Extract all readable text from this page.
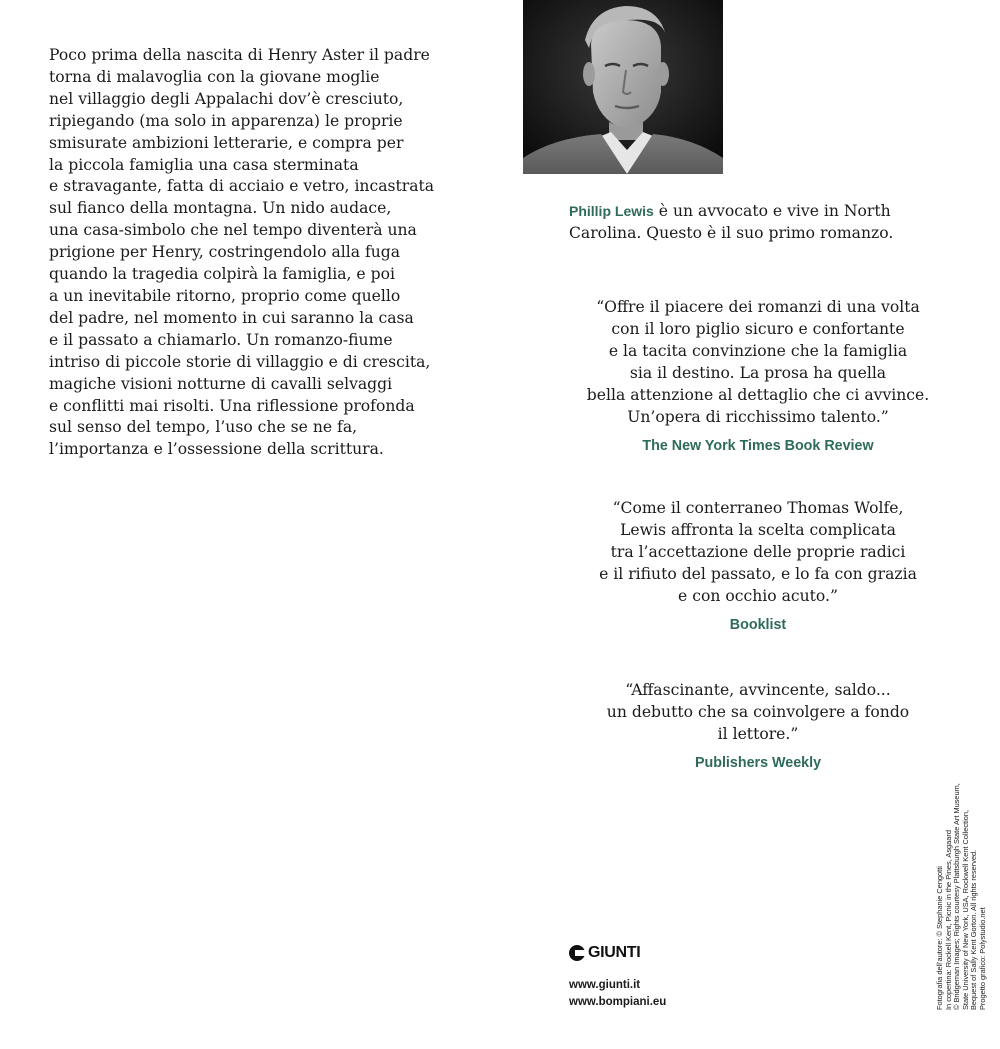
Poco prima della nascita di Henry Aster il padre
torna di malavoglia con la giovane moglie
nel villaggio degli Appalachi dov’è cresciuto,
ripiegando (ma solo in apparenza) le proprie
smisurate ambizioni letterarie, e compra per
la piccola famiglia una casa sterminata
e stravagante, fatta di acciaio e vetro, incastrata
sul fianco della montagna. Un nido audace,
una casa-simbolo che nel tempo diventerà una
prigione per Henry, costringendolo alla fuga
quando la tragedia colpirà la famiglia, e poi
a un inevitabile ritorno, proprio come quello
del padre, nel momento in cui saranno la casa
e il passato a chiamarlo. Un romanzo-fiume
intriso di piccole storie di villaggio e di crescita,
magiche visioni notturne di cavalli selvaggi
e conflitti mai risolti. Una riflessione profonda
sul senso del tempo, l’uso che se ne fa,
l’importanza e l’ossessione della scrittura.
Phillip Lewis è un avvocato e vive in North
Carolina. Questo è il suo primo romanzo.
“Offre il piacere dei romanzi di una volta
con il loro piglio sicuro e confortante
e la tacita convinzione che la famiglia
sia il destino. La prosa ha quella
bella attenzione al dettaglio che ci avvince.
Un’opera di ricchissimo talento.”
The New York Times Book Review
“Come il conterraneo Thomas Wolfe,
Lewis affronta la scelta complicata
tra l’accettazione delle proprie radici
e il rifiuto del passato, e lo fa con grazia
e con occhio acuto.”
Booklist
“Affascinante, avvincente, saldo...
un debutto che sa coinvolgere a fondo
il lettore.”
Publishers Weekly
GIUNTI
www.giunti.it
www.bompiani.eu	Fotografia dell’autore: © Stephanie Cengotti In copertina: Rockell Kent, Picnic in the Pines, Asgaard © Bridgeman Images; Rights courtesy Plattsburgh State Art Museum, State University of New York, USA, Rockwell Kent Collection, Bequest of Sally Kent Gorton. All rights reserved. Progetto grafico: Polystudio.net
